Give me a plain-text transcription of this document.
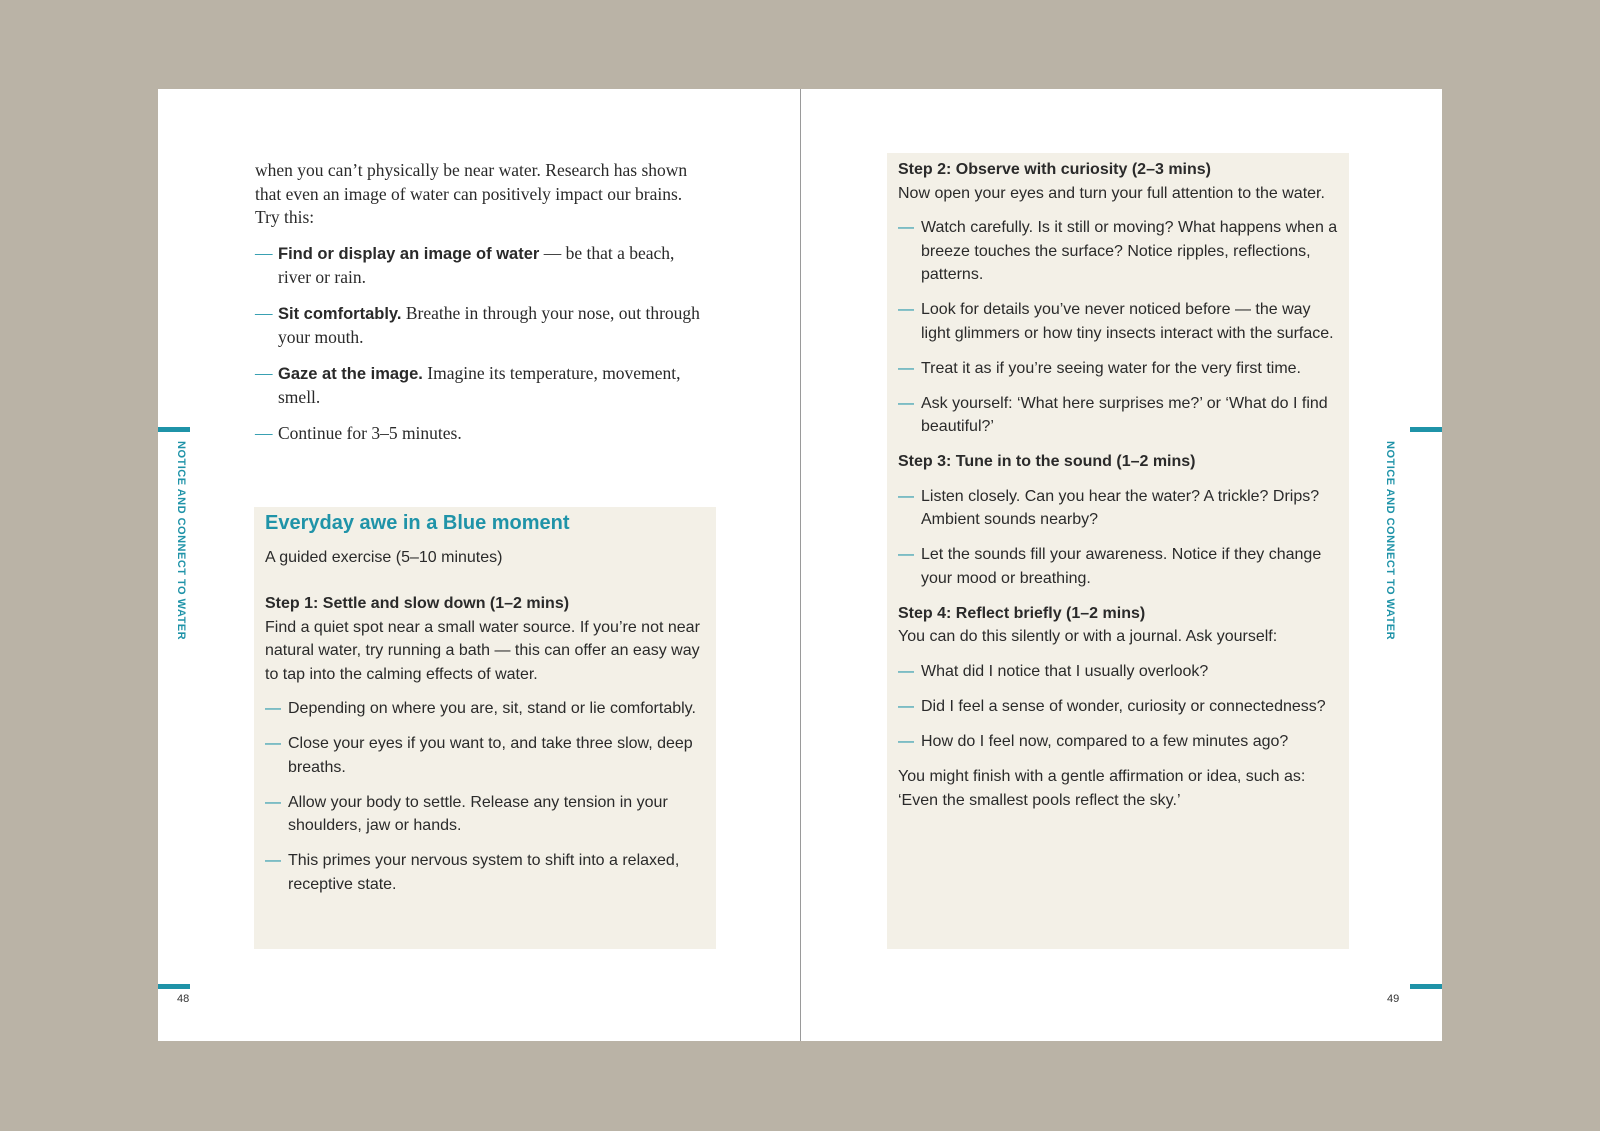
NOTICE AND CONNECT TO WATER
48

when you can’t physically be near water. Research has shown that even an image of water can positively impact our brains. Try this:

— Find or display an image of water — be that a beach, river or rain.
— Sit comfortably. Breathe in through your nose, out through your mouth.
— Gaze at the image. Imagine its temperature, movement, smell.
— Continue for 3–5 minutes.
Everyday awe in a Blue moment

A guided exercise (5–10 minutes)

Step 1: Settle and slow down (1–2 mins)

Find a quiet spot near a small water source. If you’re not near natural water, try running a bath — this can offer an easy way to tap into the calming effects of water.

— Depending on where you are, sit, stand or lie comfortably.
— Close your eyes if you want to, and take three slow, deep breaths.
— Allow your body to settle. Release any tension in your shoulders, jaw or hands.
— This primes your nervous system to shift into a relaxed, receptive state.
NOTICE AND CONNECT TO WATER
49

Step 2: Observe with curiosity (2–3 mins)

Now open your eyes and turn your full attention to the water.

— Watch carefully. Is it still or moving? What happens when a breeze touches the surface? Notice ripples, reflections, patterns.
— Look for details you’ve never noticed before — the way light glimmers or how tiny insects interact with the surface.
— Treat it as if you’re seeing water for the very first time.
— Ask yourself: ‘What here surprises me?’ or ‘What do I find beautiful?’

Step 3: Tune in to the sound (1–2 mins)

— Listen closely. Can you hear the water? A trickle? Drips? Ambient sounds nearby?
— Let the sounds fill your awareness. Notice if they change your mood or breathing.

Step 4: Reflect briefly (1–2 mins)

You can do this silently or with a journal. Ask yourself:

— What did I notice that I usually overlook?
— Did I feel a sense of wonder, curiosity or connectedness?
— How do I feel now, compared to a few minutes ago?

You might finish with a gentle affirmation or idea, such as: ‘Even the smallest pools reflect the sky.’
